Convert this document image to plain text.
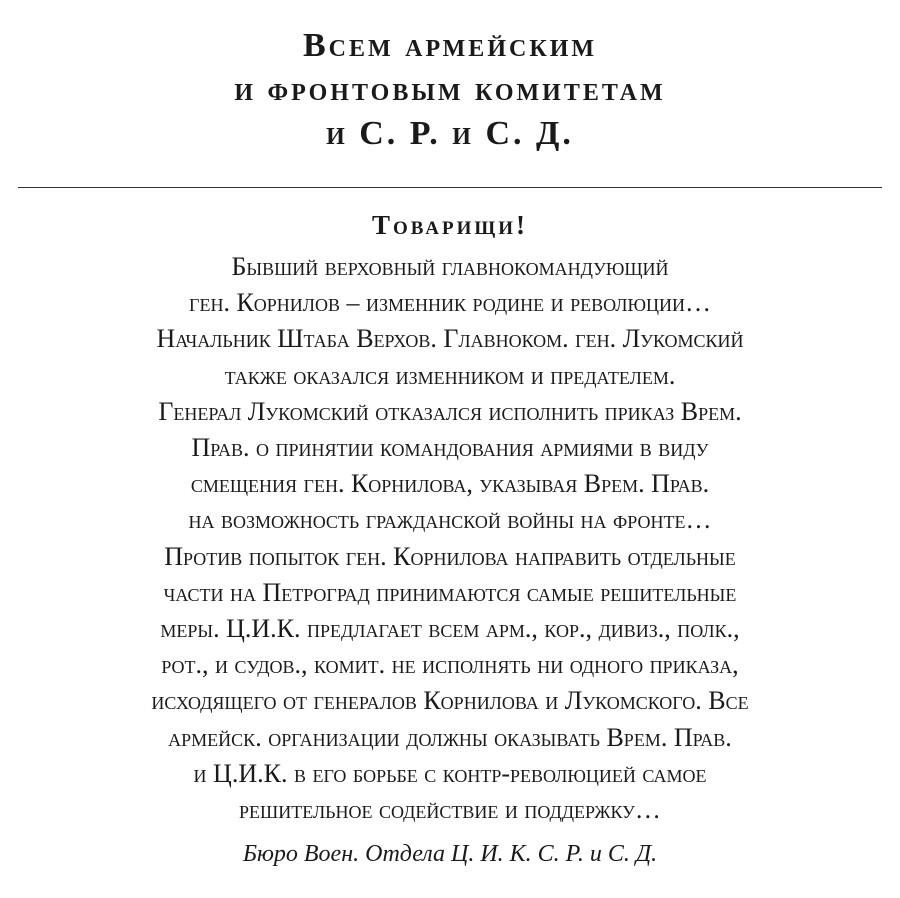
Всем армейским
и фронтовым комитетам
и С. Р. и С. Д.
Товарищи!
Бывший верховный главнокомандующий
ген. Корнилов – изменник родине и революции…
Начальник Штаба Верхов. Главноком. ген. Лукомский
также оказался изменником и предателем.
Генерал Лукомский отказался исполнить приказ Врем.
Прав. о принятии командования армиями в виду
смещения ген. Корнилова, указывая Врем. Прав.
на возможность гражданской войны на фронте…
Против попыток ген. Корнилова направить отдельные
части на Петроград принимаются самые решительные
меры. Ц.И.К. предлагает всем арм., кор., дивиз., полк.,
рот., и судов., комит. не исполнять ни одного приказа,
исходящего от генералов Корнилова и Лукомского. Все
армейск. организации должны оказывать Врем. Прав.
и Ц.И.К. в его борьбе с контр-революцией самое
решительное содействие и поддержку…

Бюро Воен. Отдела Ц. И. К. С. Р. и С. Д.
